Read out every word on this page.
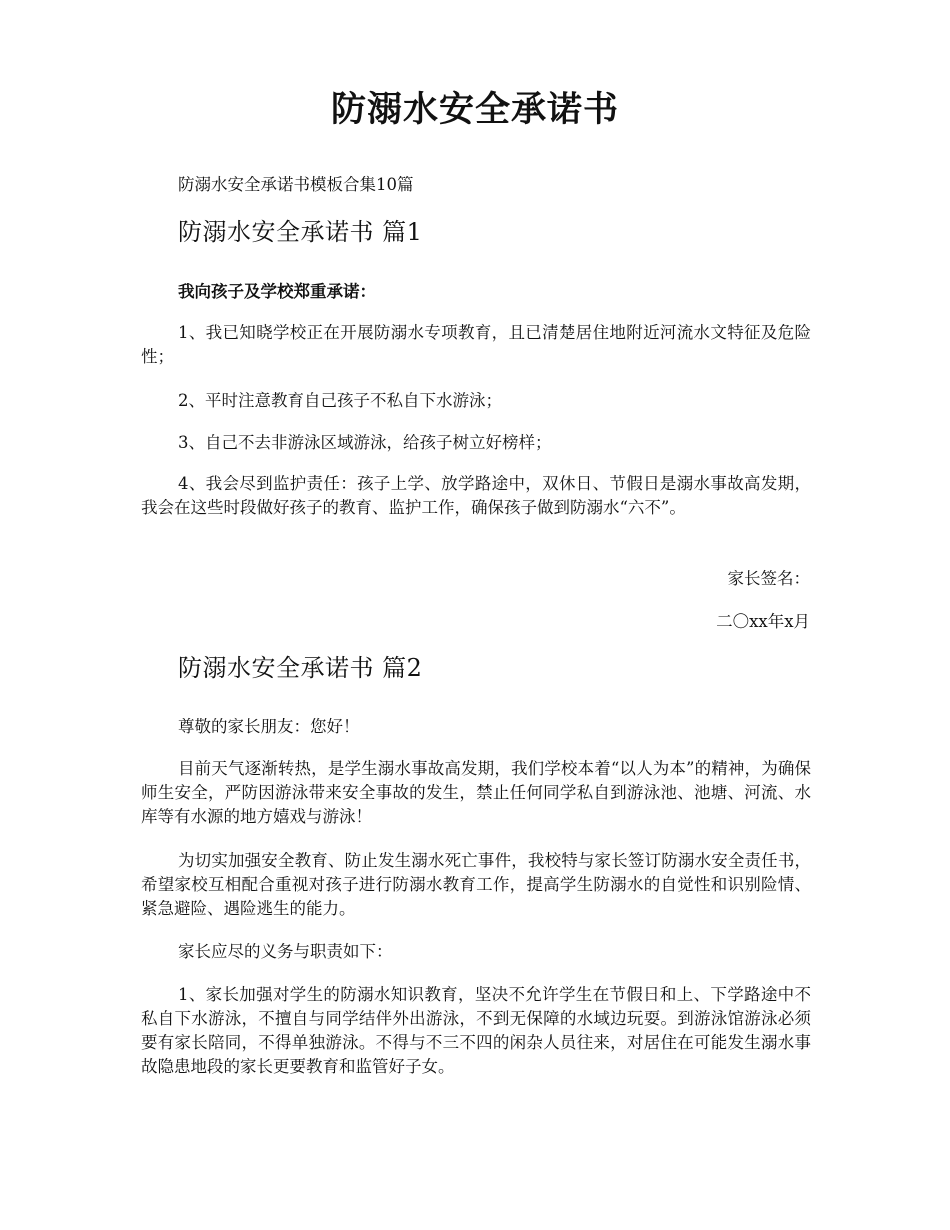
防溺水安全承诺书

防溺水安全承诺书模板合集10篇

防溺水安全承诺书 篇1

我向孩子及学校郑重承诺：

1、我已知晓学校正在开展防溺水专项教育，且已清楚居住地附近河流水文特征及危险性；

2、平时注意教育自己孩子不私自下水游泳；

3、自己不去非游泳区域游泳，给孩子树立好榜样；

4、我会尽到监护责任：孩子上学、放学路途中，双休日、节假日是溺水事故高发期，我会在这些时段做好孩子的教育、监护工作，确保孩子做到防溺水“六不”。

家长签名：

二〇xx年x月

防溺水安全承诺书 篇2

尊敬的家长朋友：您好！

目前天气逐渐转热，是学生溺水事故高发期，我们学校本着“以人为本”的精神，为确保师生安全，严防因游泳带来安全事故的发生，禁止任何同学私自到游泳池、池塘、河流、水库等有水源的地方嬉戏与游泳！

为切实加强安全教育、防止发生溺水死亡事件，我校特与家长签订防溺水安全责任书，希望家校互相配合重视对孩子进行防溺水教育工作，提高学生防溺水的自觉性和识别险情、紧急避险、遇险逃生的能力。

家长应尽的义务与职责如下：

1、家长加强对学生的防溺水知识教育，坚决不允许学生在节假日和上、下学路途中不私自下水游泳，不擅自与同学结伴外出游泳，不到无保障的水域边玩耍。到游泳馆游泳必须要有家长陪同，不得单独游泳。不得与不三不四的闲杂人员往来，对居住在可能发生溺水事故隐患地段的家长更要教育和监管好子女。
